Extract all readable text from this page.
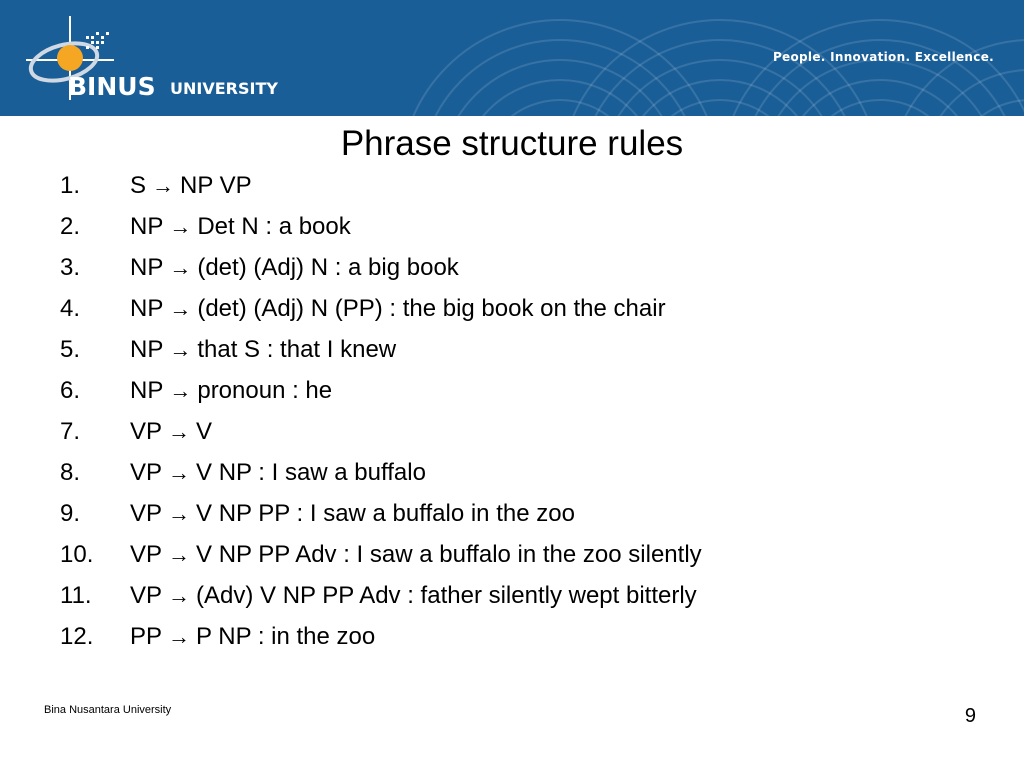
BINUS UNIVERSITY
People. Innovation. Excellence.
Phrase structure rules
1.	S → NP VP
2.	NP → Det N : a book
3.	NP → (det) (Adj) N : a big book
4.	NP → (det) (Adj) N (PP) : the big book on the chair
5.	NP → that S : that I knew
6.	NP → pronoun : he
7.	VP → V
8.	VP → V NP : I saw a buffalo
9.	VP → V NP PP : I saw a buffalo in the zoo
10.	VP → V NP PP Adv : I saw a buffalo in the zoo silently
11.	VP → (Adv) V NP PP Adv : father silently wept bitterly
12.	PP → P NP : in the zoo
Bina Nusantara University	9
